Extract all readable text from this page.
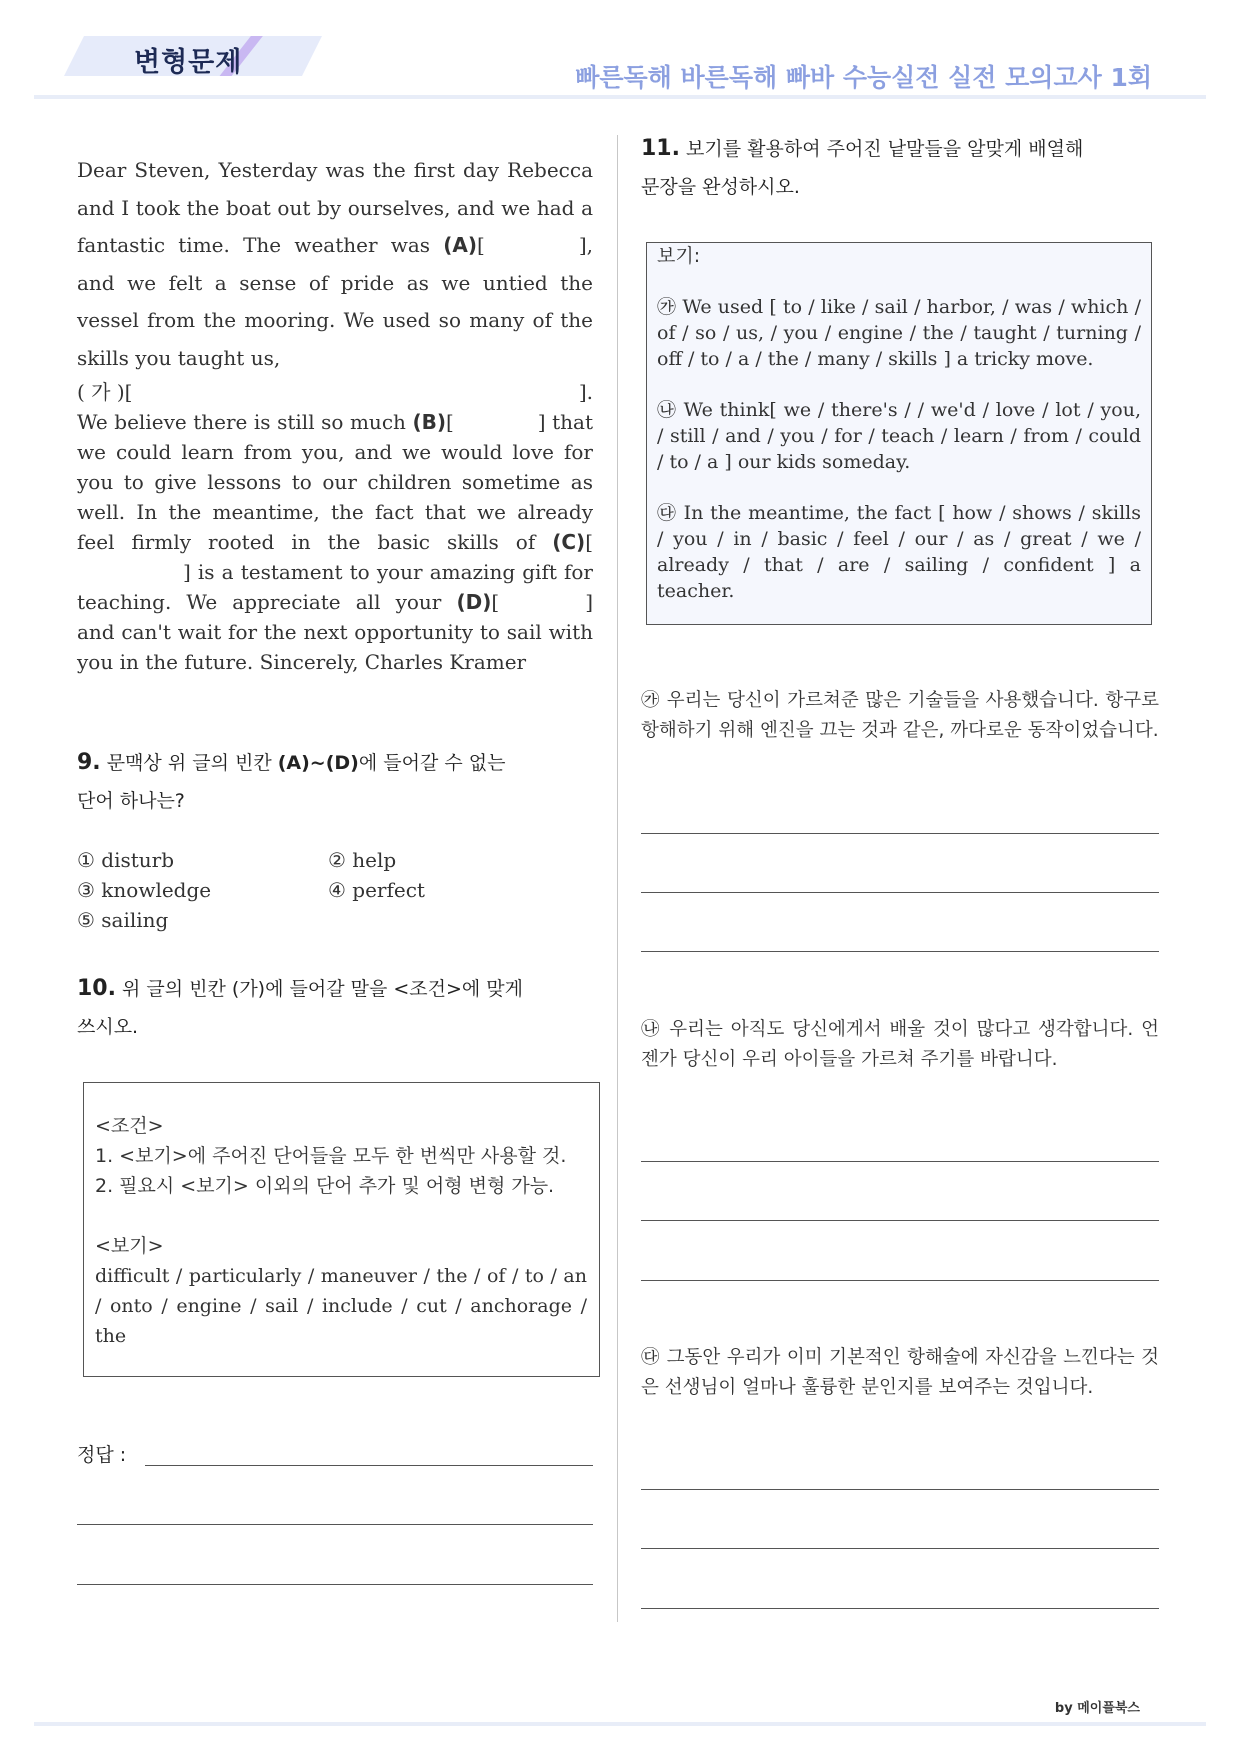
변형문제	빠른독해 바른독해 빠바 수능실전 실전 모의고사 1회
Dear Steven, Yesterday was the first day Rebecca and I took the boat out by ourselves, and we had a fantastic time. The weather was (A)[	], and we felt a sense of pride as we untied the vessel from the mooring. We used so many of the skills you taught us,
( 가 )[	].
We believe there is still so much (B)[	] that we could learn from you, and we would love for you to give lessons to our children sometime as well. In the meantime, the fact that we already feel firmly rooted in the basic skills of (C)[] is a testament to your amazing gift for teaching. We appreciate all your (D)[	] and can't wait for the next opportunity to sail with you in the future. Sincerely, Charles Kramer
9. 문맥상 위 글의 빈칸 (A)~(D)에 들어갈 수 없는
단어 하나는?
① disturb	② help
③ knowledge	④ perfect
⑤ sailing
10. 위 글의 빈칸 (가)에 들어갈 말을 <조건>에 맞게
쓰시오.
<조건>
1. <보기>에 주어진 단어들을 모두 한 번씩만 사용할 것.
2. 필요시 <보기> 이외의 단어 추가 및 어형 변형 가능.
<보기>
difficult / particularly / maneuver / the / of / to / an / onto / engine / sail / include / cut / anchorage / the
정답 :
11. 보기를 활용하여 주어진 낱말들을 알맞게 배열해
문장을 완성하시오.
보기:
㉮ We used [ to / like / sail / harbor, / was / which / of / so / us, / you / engine / the / taught / turning / off / to / a / the / many / skills ] a tricky move.
㉯ We think[ we / there's / / we'd / love / lot / you, / still / and / you / for / teach / learn / from / could / to / a ] our kids someday.
㉰ In the meantime, the fact [ how / shows / skills / you / in / basic / feel / our / as / great / we / already / that / are / sailing / confident ] a teacher.
㉮ 우리는 당신이 가르쳐준 많은 기술들을 사용했습니다. 항구로 항해하기 위해 엔진을 끄는 것과 같은, 까다로운 동작이었습니다.
㉯ 우리는 아직도 당신에게서 배울 것이 많다고 생각합니다. 언젠가 당신이 우리 아이들을 가르쳐 주기를 바랍니다.
㉰ 그동안 우리가 이미 기본적인 항해술에 자신감을 느낀다는 것은 선생님이 얼마나 훌륭한 분인지를 보여주는 것입니다.
by 메이플북스
